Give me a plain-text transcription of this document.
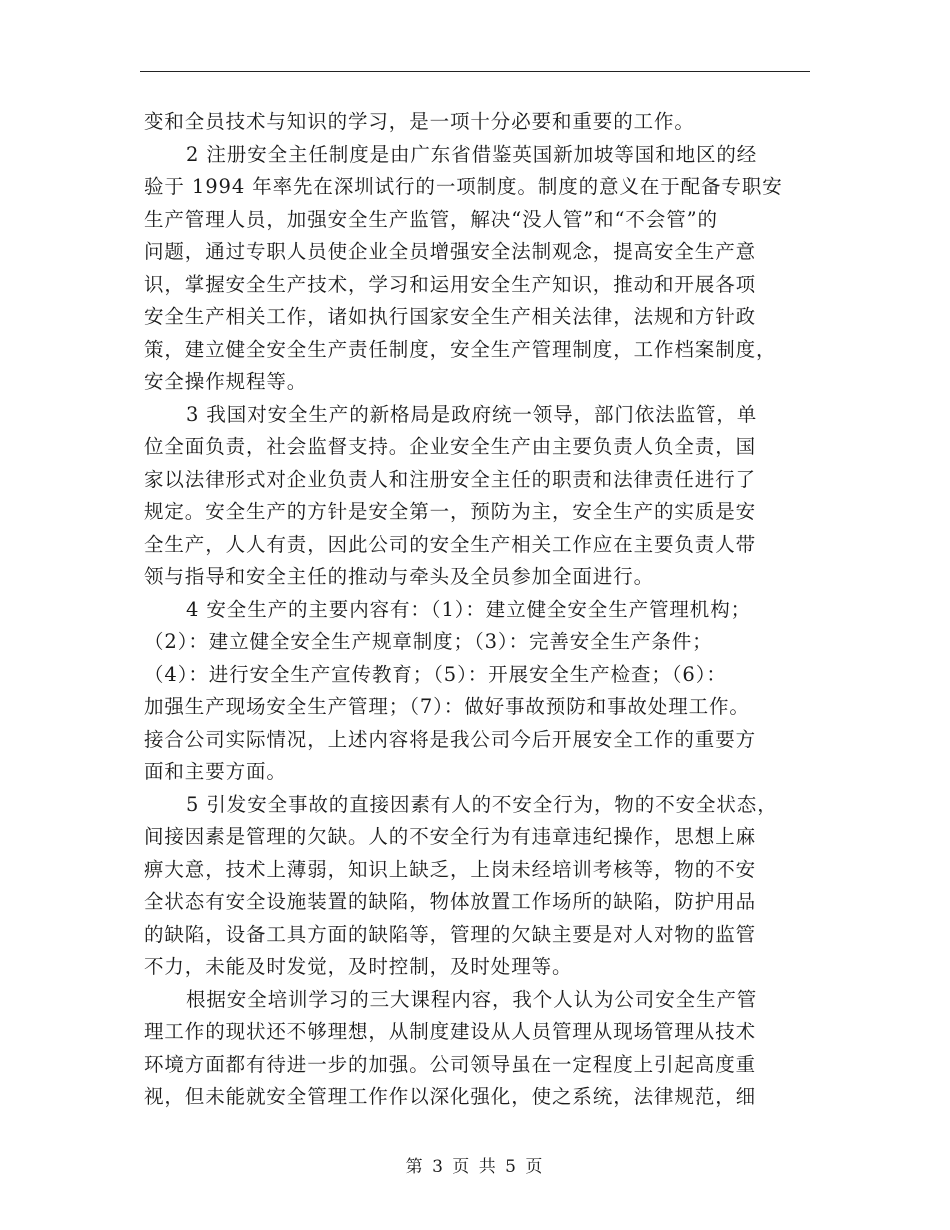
变和全员技术与知识的学习，是一项十分必要和重要的工作。
2 注册安全主任制度是由广东省借鉴英国新加坡等国和地区的经
验于 1994 年率先在深圳试行的一项制度。制度的意义在于配备专职安
生产管理人员，加强安全生产监管，解决“没人管”和“不会管”的
问题，通过专职人员使企业全员增强安全法制观念，提高安全生产意
识，掌握安全生产技术，学习和运用安全生产知识，推动和开展各项
安全生产相关工作，诸如执行国家安全生产相关法律，法规和方针政
策，建立健全安全生产责任制度，安全生产管理制度，工作档案制度，
安全操作规程等。
3 我国对安全生产的新格局是政府统一领导，部门依法监管，单
位全面负责，社会监督支持。企业安全生产由主要负责人负全责，国
家以法律形式对企业负责人和注册安全主任的职责和法律责任进行了
规定。安全生产的方针是安全第一，预防为主，安全生产的实质是安
全生产，人人有责，因此公司的安全生产相关工作应在主要负责人带
领与指导和安全主任的推动与牵头及全员参加全面进行。
4 安全生产的主要内容有：（1）：建立健全安全生产管理机构；
（2）：建立健全安全生产规章制度；（3）：完善安全生产条件；
（4）：进行安全生产宣传教育；（5）：开展安全生产检查；（6）：
加强生产现场安全生产管理；（7）：做好事故预防和事故处理工作。
接合公司实际情况，上述内容将是我公司今后开展安全工作的重要方
面和主要方面。
5 引发安全事故的直接因素有人的不安全行为，物的不安全状态，
间接因素是管理的欠缺。人的不安全行为有违章违纪操作，思想上麻
痹大意，技术上薄弱，知识上缺乏，上岗未经培训考核等，物的不安
全状态有安全设施装置的缺陷，物体放置工作场所的缺陷，防护用品
的缺陷，设备工具方面的缺陷等，管理的欠缺主要是对人对物的监管
不力，未能及时发觉，及时控制，及时处理等。
根据安全培训学习的三大课程内容，我个人认为公司安全生产管
理工作的现状还不够理想，从制度建设从人员管理从现场管理从技术
环境方面都有待进一步的加强。公司领导虽在一定程度上引起高度重
视，但未能就安全管理工作作以深化强化，使之系统，法律规范，细
第 3 页 共 5 页
